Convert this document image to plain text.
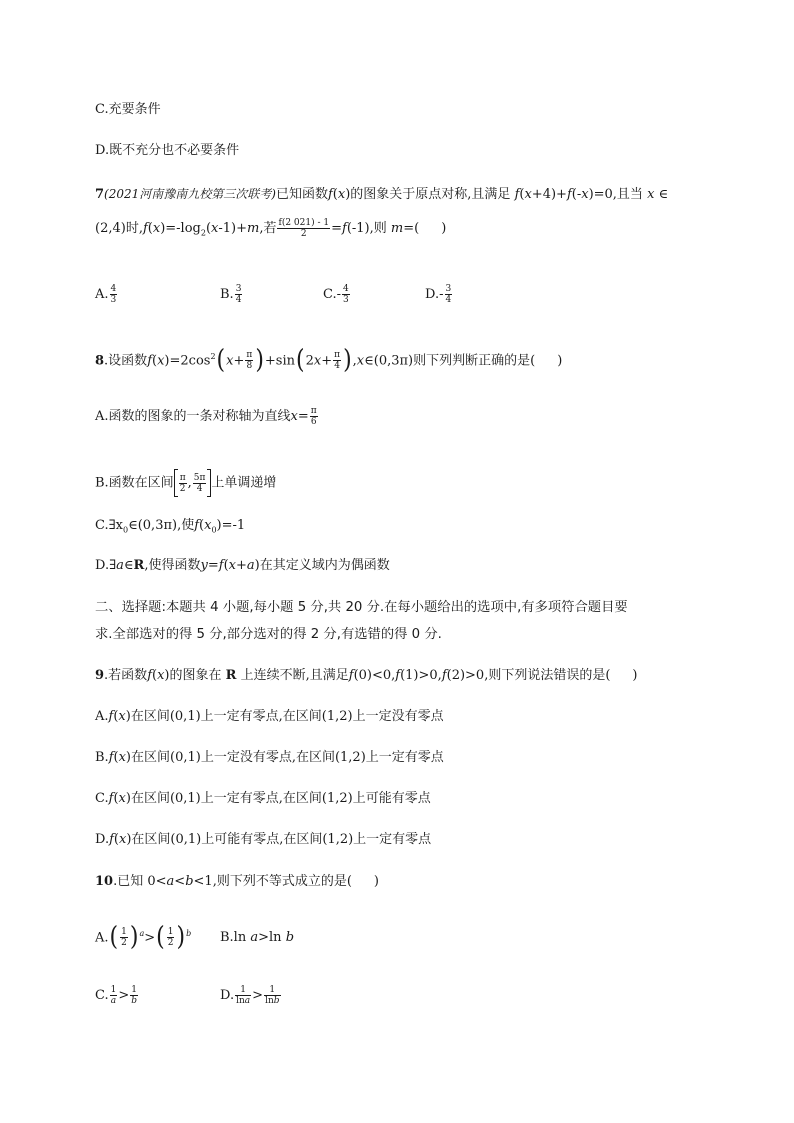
C.充要条件
D.既不充分也不必要条件
7(2021河南豫南九校第三次联考)已知函数f(x)的图象关于原点对称,且满足 f(x+4)+f(-x)=0,且当 x ∈
(2,4)时$,f(x)=-\log_2(x-1)+m$,若 $\frac{f(2 021) - 1}{2} =f(-1)$,则 m=( )
A. $\frac{4}{3}$	B. $\frac{3}{4}$	$C.- \frac{4}{3}$	$D.- \frac{3}{4}$
8.设函数$f(x)=2\cos^2(x+ \frac{\pi}{8} )+\sin(2x+ \frac{\pi}{4}$ ),x∈(0,3π)则下列判断正确的是( )
A.函数的图象的一条对称轴为直线$x= \frac{\pi}{6}$
B.函数在区间 $\frac{\pi}{2}$ , $\frac{5\pi}{4}$ 上单调递增
$C.\exists x_0\in(0,3\pi)$,使$f(x_0)=-1$
D.∃a∈R,使得函数y=f(x+a)在其定义域内为偶函数
二、选择题:本题共 4 小题,每小题 5 分,共 20 分.在每小题给出的选项中,有多项符合题目要
求.全部选对的得 5 分,部分选对的得 2 分,有选错的得 0 分.
9.若函数f(x)的图象在 R 上连续不断,且满足f(0)<0,f(1)>0,f(2)>0,则下列说法错误的是( )
A.f(x)在区间(0,1)上一定有零点,在区间(1,2)上一定没有零点
B.f(x)在区间(0,1)上一定没有零点,在区间(1,2)上一定有零点
C.f(x)在区间(0,1)上一定有零点,在区间(1,2)上可能有零点
D.f(x)在区间(0,1)上可能有零点,在区间(1,2)上一定有零点
10.已知 0<a<b<1,则下列不等式成立的是( )
$A.( \frac{1}{2} )^a>( \frac{1}{2} )^b$ B.ln a>ln b
C. $\frac{1}{a} > \frac{1}{b}$	D. $\frac{1}{\ln a} > \frac{1}{\ln b}$
